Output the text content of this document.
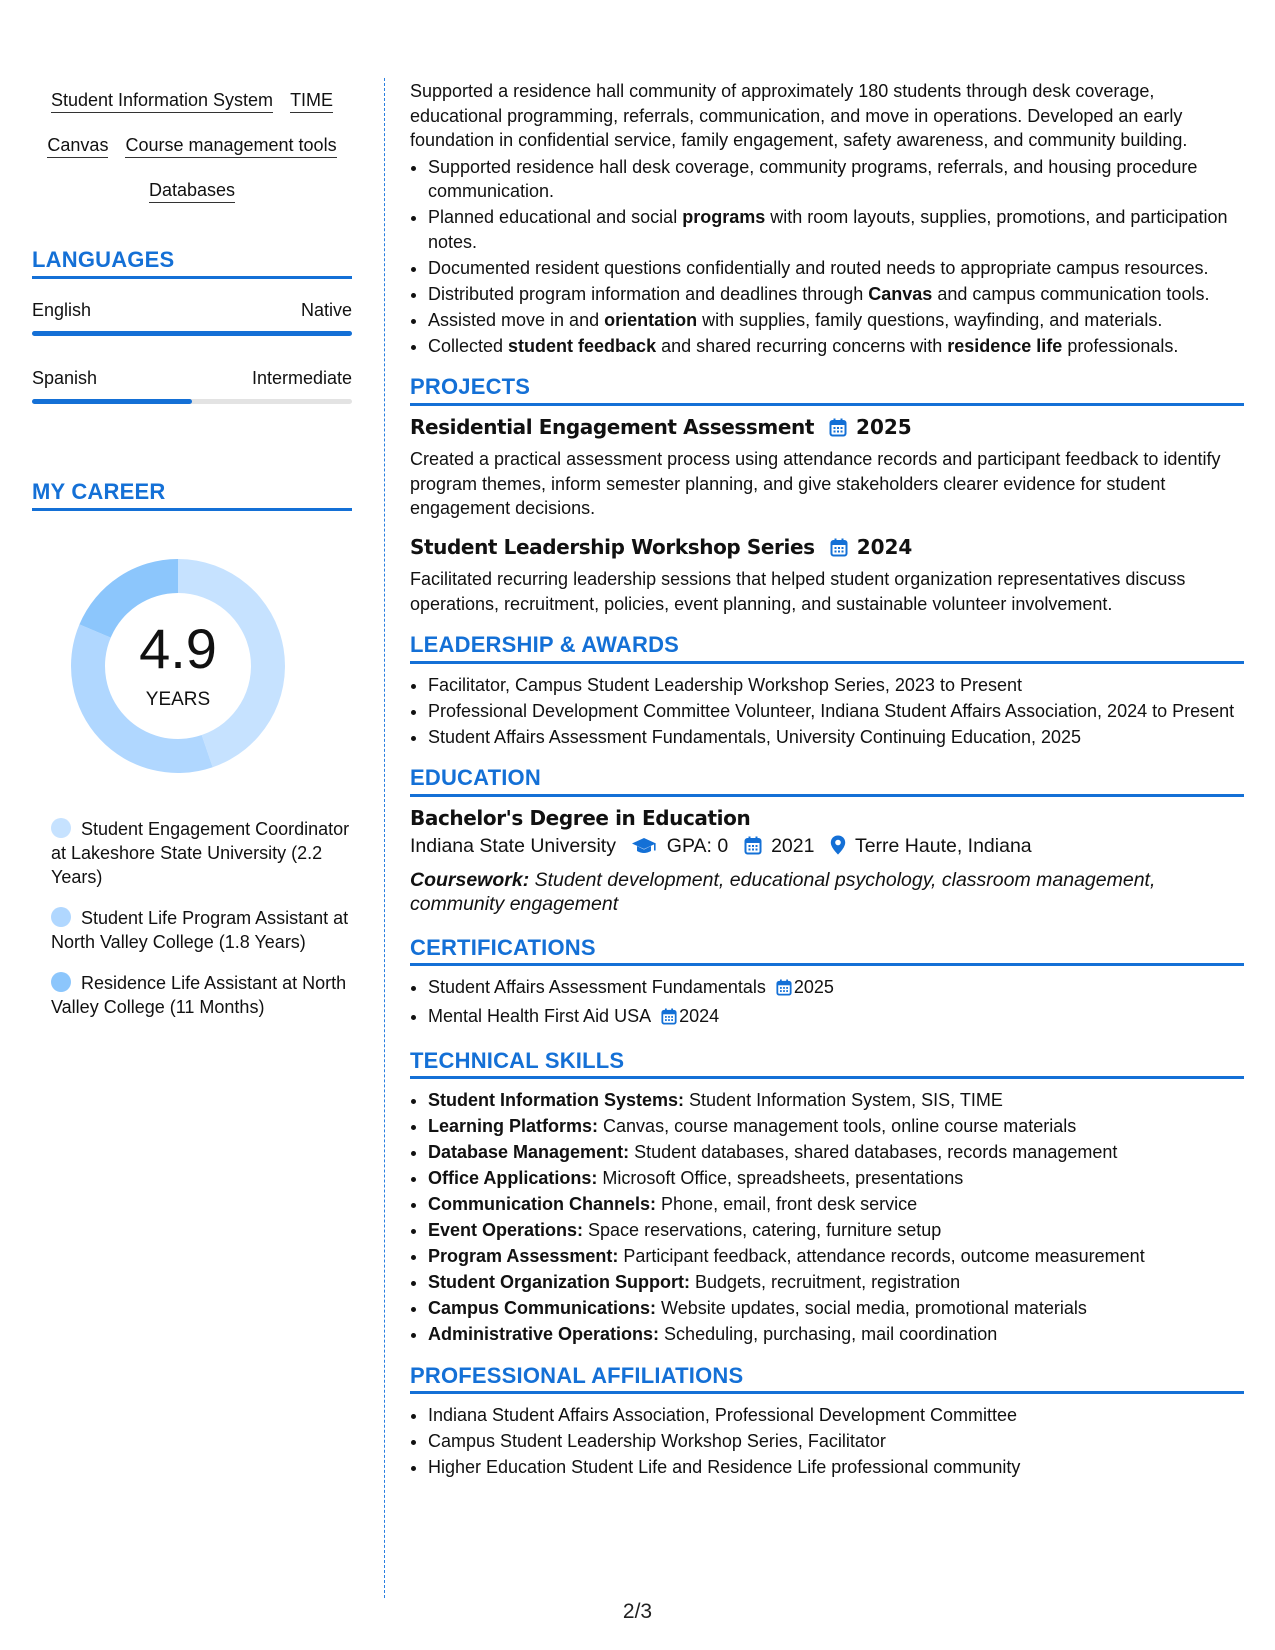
Student Information System TIME
Canvas Course management tools
Databases
LANGUAGES
English	Native
Spanish	Intermediate
MY CAREER
4.9
YEARS
Student Engagement Coordinator at Lakeshore State University (2.2 Years)
Student Life Program Assistant at North Valley College (1.8 Years)
Residence Life Assistant at North Valley College (11 Months)

Supported a residence hall community of approximately 180 students through desk coverage, educational programming, referrals, communication, and move in operations. Developed an early foundation in confidential service, family engagement, safety awareness, and community building.

• Supported residence hall desk coverage, community programs, referrals, and housing procedure communication.
• Planned educational and social programs with room layouts, supplies, promotions, and participation notes.
• Documented resident questions confidentially and routed needs to appropriate campus resources.
• Distributed program information and deadlines through Canvas and campus communication tools.
• Assisted move in and orientation with supplies, family questions, wayfinding, and materials.
• Collected student feedback and shared recurring concerns with residence life professionals.
PROJECTS
Residential Engagement Assessment 2025
Created a practical assessment process using attendance records and participant feedback to identify program themes, inform semester planning, and give stakeholders clearer evidence for student engagement decisions.
Student Leadership Workshop Series 2024
Facilitated recurring leadership sessions that helped student organization representatives discuss operations, recruitment, policies, event planning, and sustainable volunteer involvement.
LEADERSHIP & AWARDS
• Facilitator, Campus Student Leadership Workshop Series, 2023 to Present
• Professional Development Committee Volunteer, Indiana Student Affairs Association, 2024 to Present
• Student Affairs Assessment Fundamentals, University Continuing Education, 2025
EDUCATION
Bachelor's Degree in Education
Indiana State University	GPA: 0 2021 Terre Haute, Indiana
Coursework: Student development, educational psychology, classroom management, community engagement
CERTIFICATIONS
• Student Affairs Assessment Fundamentals 2025
• Mental Health First Aid USA 2024
TECHNICAL SKILLS
• Student Information Systems: Student Information System, SIS, TIME
• Learning Platforms: Canvas, course management tools, online course materials
• Database Management: Student databases, shared databases, records management
• Office Applications: Microsoft Office, spreadsheets, presentations
• Communication Channels: Phone, email, front desk service
• Event Operations: Space reservations, catering, furniture setup
• Program Assessment: Participant feedback, attendance records, outcome measurement
• Student Organization Support: Budgets, recruitment, registration
• Campus Communications: Website updates, social media, promotional materials
• Administrative Operations: Scheduling, purchasing, mail coordination
PROFESSIONAL AFFILIATIONS
• Indiana Student Affairs Association, Professional Development Committee
• Campus Student Leadership Workshop Series, Facilitator
• Higher Education Student Life and Residence Life professional community
2/3
